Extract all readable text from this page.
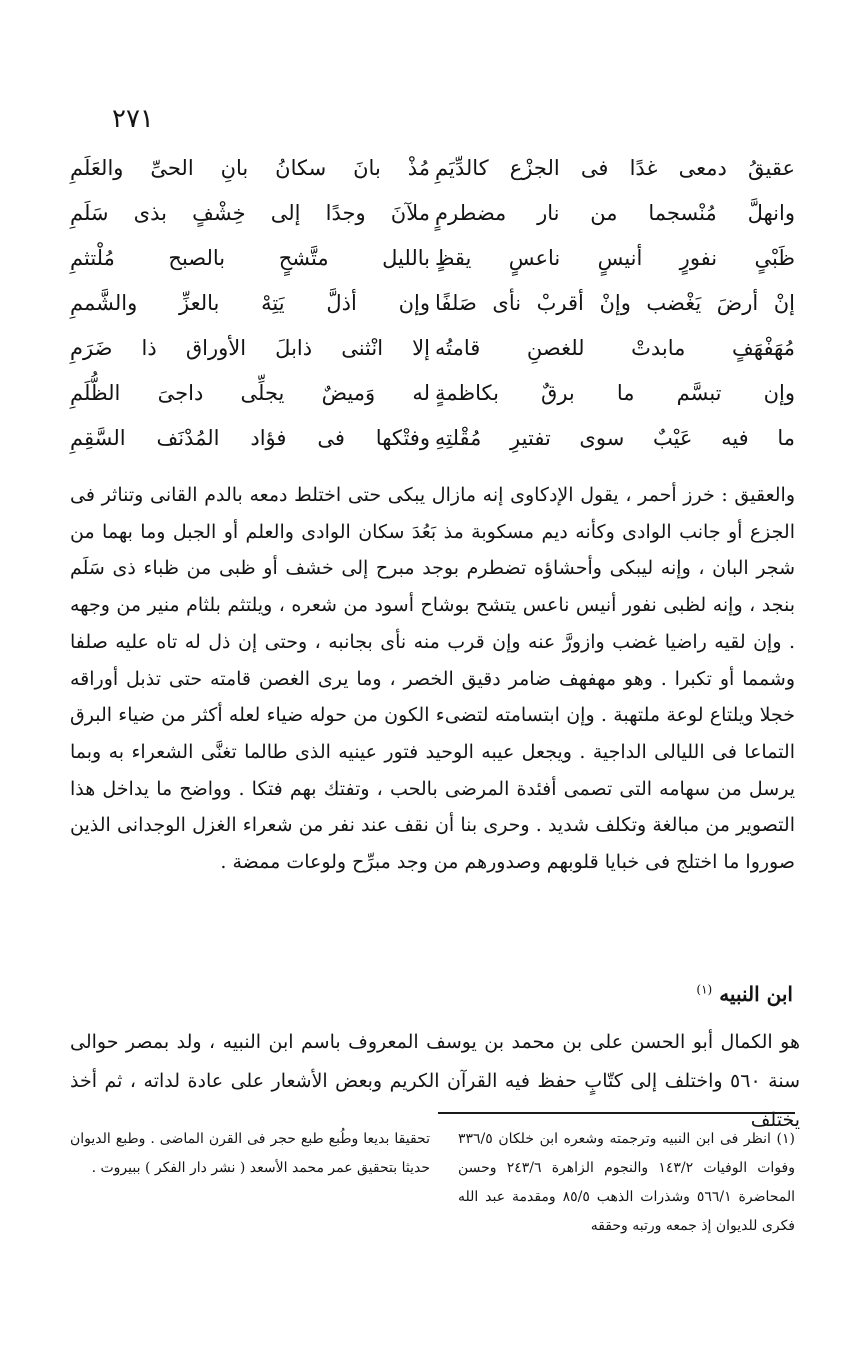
٢٧١
عقيقُ دمعى غدًا فى الجزْع كالدِّيَمِ
مُذْ بانَ سكانُ بانِ الحىِّ والعَلَمِ
وانهلَّ مُنْسجما من نار مضطرمٍ
ملآنَ وجدًا إلى خِشْفٍ بذى سَلَمِ
ظَبْىٍ نفورٍ أنيسٍ ناعسٍ يقظٍ
بالليل متَّشحٍ بالصبح مُلْتثمِ
إنْ أرضَ يَغْضب وإنْ أقربْ نأى صَلفًا
وإن أذلَّ يَتِهْ بالعزِّ والشَّممِ
مُهَفْهَفٍ مابدتْ للغصنِ قامتُه
إلا انْثنى ذابلَ الأوراق ذا ضَرَمِ
وإن تبسَّم ما برقٌ بكاظمةٍ
له وَميضٌ يجلِّى داجىَ الظُّلَمِ
ما فيه عَيْبٌ سوى تفتيرِ مُقْلتِهِ
وفتْكها فى فؤاد المُدْنَف السَّقِمِ

والعقيق : خرز أحمر ، يقول الإدكاوى إنه مازال يبكى حتى اختلط دمعه بالدم القانى وتناثر فى الجزع أو جانب الوادى وكأنه ديم مسكوبة مذ بَعُدَ سكان الوادى والعلم أو الجبل وما بهما من شجر البان ، وإنه ليبكى وأحشاؤه تضطرم بوجد مبرح إلى خشف أو ظبى من ظباء ذى سَلَم بنجد ، وإنه لظبى نفور أنيس ناعس يتشح بوشاح أسود من شعره ، ويلتثم بلثام منير من وجهه . وإن لقيه راضيا غضب وازورَّ عنه وإن قرب منه نأى بجانبه ، وحتى إن ذل له تاه عليه صلفا وشمما أو تكبرا . وهو مهفهف ضامر دقيق الخصر ، وما يرى الغصن قامته حتى تذبل أوراقه خجلا ويلتاع لوعة ملتهبة . وإن ابتسامته لتضىء الكون من حوله ضياء لعله أكثر من ضياء البرق التماعا فى الليالى الداجية . ويجعل عيبه الوحيد فتور عينيه الذى طالما تغنَّى الشعراء به وبما يرسل من سهامه التى تصمى أفئدة المرضى بالحب ، وتفتك بهم فتكا . وواضح ما يداخل هذا التصوير من مبالغة وتكلف شديد . وحرى بنا أن نقف عند نفر من شعراء الغزل الوجدانى الذين صوروا ما اختلج فى خبايا قلوبهم وصدورهم من وجد مبرِّح ولوعات ممضة .

ابن النبيه $^{(١)}$

هو الكمال أبو الحسن على بن محمد بن يوسف المعروف باسم ابن النبيه ، ولد بمصر حوالى سنة ٥٦٠ واختلف إلى كتّابٍ حفظ فيه القرآن الكريم وبعض الأشعار على عادة لداته ، ثم أخذ يختلف

(١) انظر فى ابن النبيه وترجمته وشعره ابن خلكان ٣٣٦/٥ وفوات الوفيات ١٤٣/٢ والنجوم الزاهرة ٢٤٣/٦ وحسن المحاضرة ٥٦٦/١ وشذرات الذهب ٨٥/٥ ومقدمة عبد الله فكرى للديوان إذ جمعه ورتبه وحققه

تحقيقا بديعا وطُبع طبع حجر فى القرن الماضى . وطبع الديوان حديثا بتحقيق عمر محمد الأسعد ( نشر دار الفكر ) ببيروت .
